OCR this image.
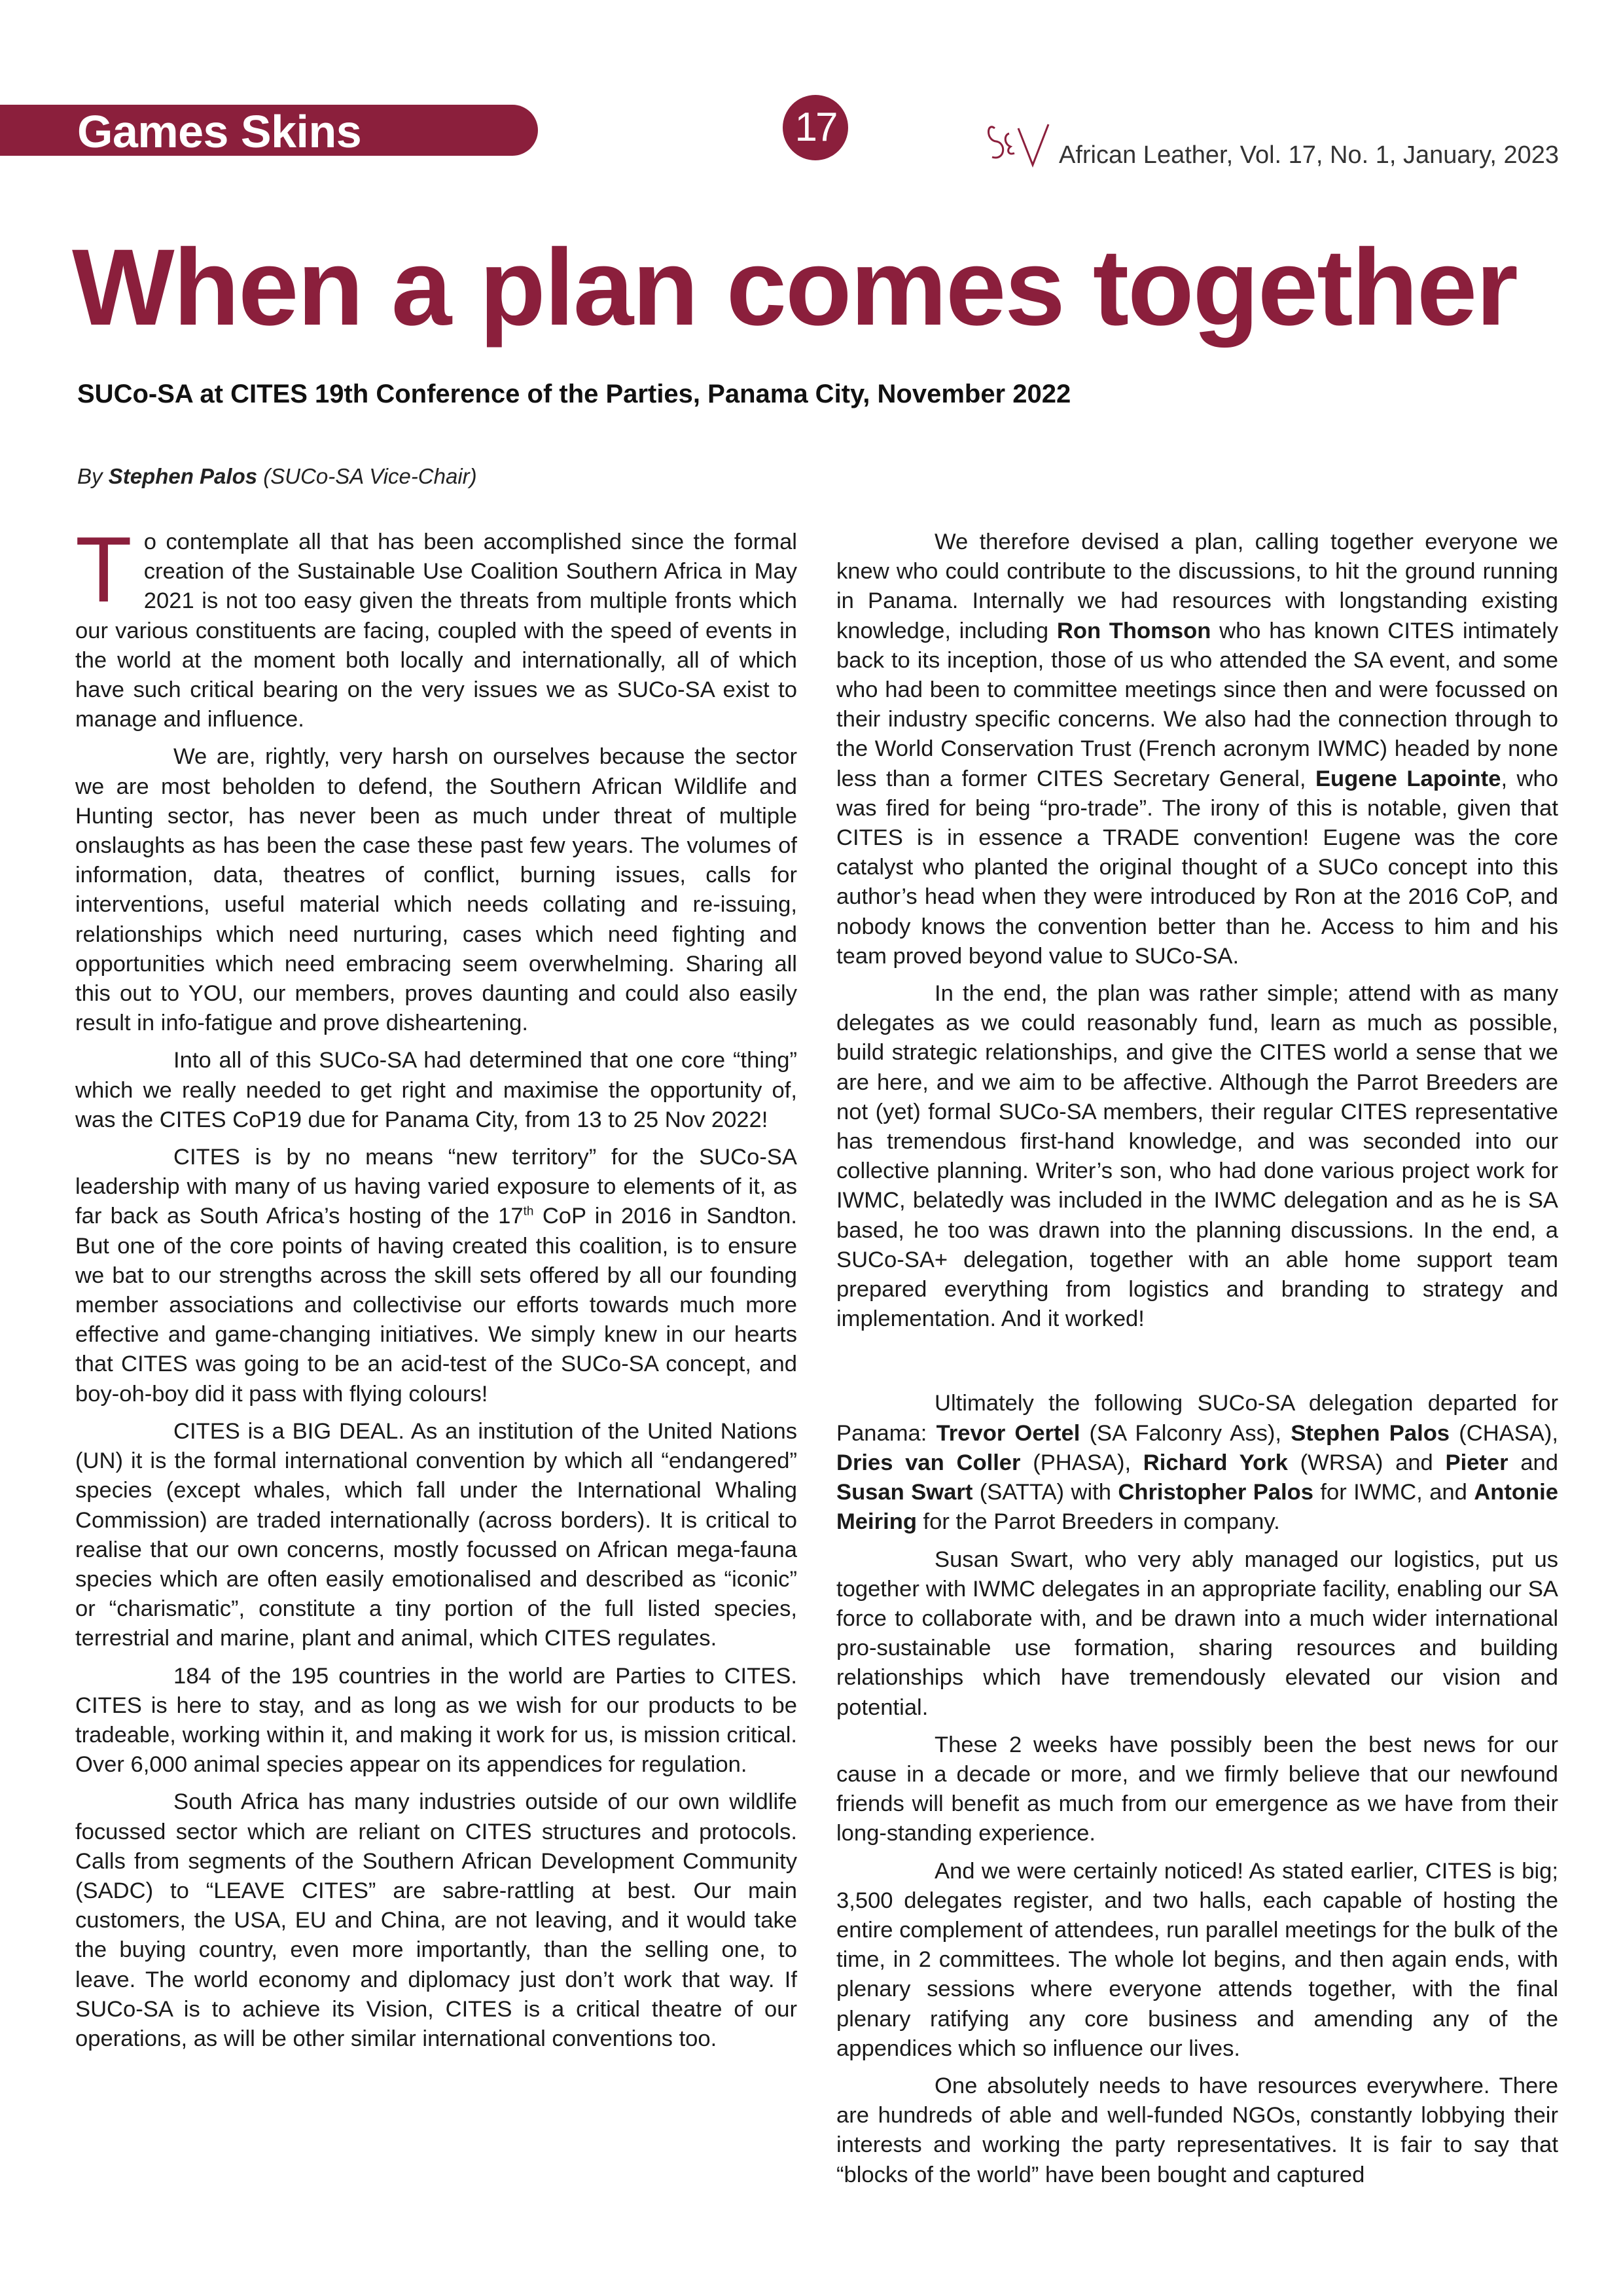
Games Skins	17
S&V
African Leather, Vol. 17, No. 1, January, 2023
When a plan comes together
SUCo-SA at CITES 19th Conference of the Parties, Panama City, November 2022
By Stephen Palos (SUCo-SA Vice-Chair)

To contemplate all that has been accomplished since the formal creation of the Sustainable Use Coalition Southern Africa in May 2021 is not too easy given the threats from multiple fronts which our various constituents are facing, coupled with the speed of events in the world at the moment both locally and internationally, all of which have such critical bearing on the very issues we as SUCo-SA exist to manage and influence.

We are, rightly, very harsh on ourselves because the sector we are most beholden to defend, the Southern African Wildlife and Hunting sector, has never been as much under threat of multiple onslaughts as has been the case these past few years. The volumes of information, data, theatres of conflict, burning issues, calls for interventions, useful material which needs collating and re-issuing, relationships which need nurturing, cases which need fighting and opportunities which need embracing seem overwhelming. Sharing all this out to YOU, our members, proves daunting and could also easily result in info-fatigue and prove disheartening.

Into all of this SUCo-SA had determined that one core “thing” which we really needed to get right and maximise the opportunity of, was the CITES CoP19 due for Panama City, from 13 to 25 Nov 2022!

CITES is by no means “new territory” for the SUCo-SA leadership with many of us having varied exposure to elements of it, as far back as South Africa’s hosting of the 17th CoP in 2016 in Sandton. But one of the core points of having created this coalition, is to ensure we bat to our strengths across the skill sets offered by all our founding member associations and collectivise our efforts towards much more effective and game-changing initiatives. We simply knew in our hearts that CITES was going to be an acid-test of the SUCo-SA concept, and boy-oh-boy did it pass with flying colours!

CITES is a BIG DEAL. As an institution of the United Nations (UN) it is the formal international convention by which all “endangered” species (except whales, which fall under the International Whaling Commission) are traded internationally (across borders). It is critical to realise that our own concerns, mostly focussed on African mega-fauna species which are often easily emotionalised and described as “iconic” or “charismatic”, constitute a tiny portion of the full listed species, terrestrial and marine, plant and animal, which CITES regulates.

184 of the 195 countries in the world are Parties to CITES. CITES is here to stay, and as long as we wish for our products to be tradeable, working within it, and making it work for us, is mission critical. Over 6,000 animal species appear on its appendices for regulation.

South Africa has many industries outside of our own wildlife focussed sector which are reliant on CITES structures and protocols. Calls from segments of the Southern African Development Community (SADC) to “LEAVE CITES” are sabre-rattling at best. Our main customers, the USA, EU and China, are not leaving, and it would take the buying country, even more importantly, than the selling one, to leave. The world economy and diplomacy just don’t work that way. If SUCo-SA is to achieve its Vision, CITES is a critical theatre of our operations, as will be other similar international conventions too.

We therefore devised a plan, calling together everyone we knew who could contribute to the discussions, to hit the ground running in Panama. Internally we had resources with longstanding existing knowledge, including Ron Thomson who has known CITES intimately back to its inception, those of us who attended the SA event, and some who had been to committee meetings since then and were focussed on their industry specific concerns. We also had the connection through to the World Conservation Trust (French acronym IWMC) headed by none less than a former CITES Secretary General, Eugene Lapointe, who was fired for being “pro-trade”. The irony of this is notable, given that CITES is in essence a TRADE convention! Eugene was the core catalyst who planted the original thought of a SUCo concept into this author’s head when they were introduced by Ron at the 2016 CoP, and nobody knows the convention better than he. Access to him and his team proved beyond value to SUCo-SA.

In the end, the plan was rather simple; attend with as many delegates as we could reasonably fund, learn as much as possible, build strategic relationships, and give the CITES world a sense that we are here, and we aim to be affective. Although the Parrot Breeders are not (yet) formal SUCo-SA members, their regular CITES representative has tremendous first-hand knowledge, and was seconded into our collective planning. Writer’s son, who had done various project work for IWMC, belatedly was included in the IWMC delegation and as he is SA based, he too was drawn into the planning discussions. In the end, a SUCo-SA+ delegation, together with an able home support team prepared everything from logistics and branding to strategy and implementation. And it worked!

Ultimately the following SUCo-SA delegation departed for Panama: Trevor Oertel (SA Falconry Ass), Stephen Palos (CHASA), Dries van Coller (PHASA), Richard York (WRSA) and Pieter and Susan Swart (SATTA) with Christopher Palos for IWMC, and Antonie Meiring for the Parrot Breeders in company.

Susan Swart, who very ably managed our logistics, put us together with IWMC delegates in an appropriate facility, enabling our SA force to collaborate with, and be drawn into a much wider international pro-sustainable use formation, sharing resources and building relationships which have tremendously elevated our vision and potential.

These 2 weeks have possibly been the best news for our cause in a decade or more, and we firmly believe that our newfound friends will benefit as much from our emergence as we have from their long-standing experience.

And we were certainly noticed! As stated earlier, CITES is big; 3,500 delegates register, and two halls, each capable of hosting the entire complement of attendees, run parallel meetings for the bulk of the time, in 2 committees. The whole lot begins, and then again ends, with plenary sessions where everyone attends together, with the final plenary ratifying any core business and amending any of the appendices which so influence our lives.

One absolutely needs to have resources everywhere. There are hundreds of able and well-funded NGOs, constantly lobbying their interests and working the party representatives. It is fair to say that “blocks of the world” have been bought and captured
